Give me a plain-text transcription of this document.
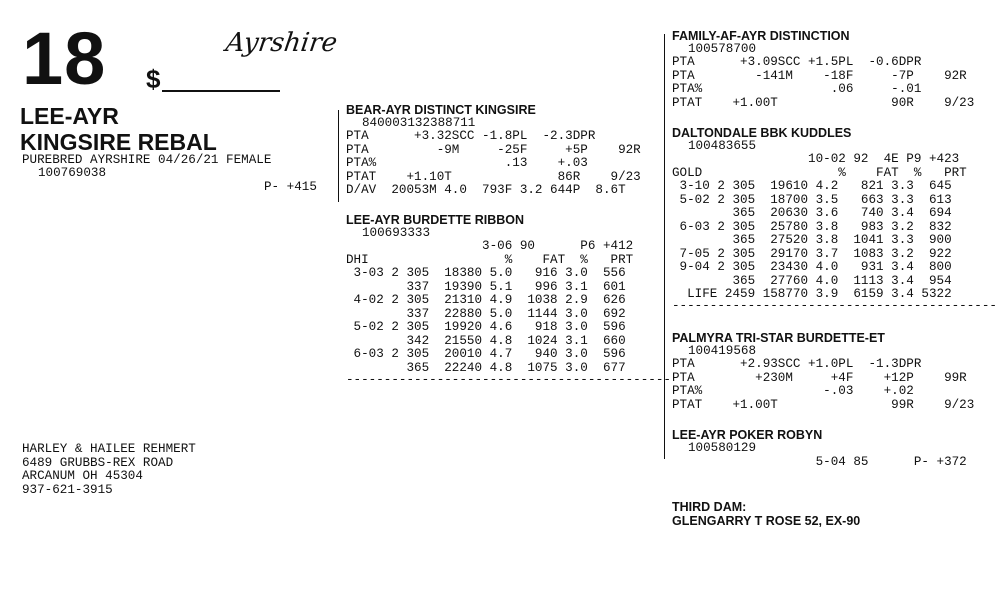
18 $
Ayrshire
LEE-AYR
KINGSIRE REBAL
PUREBRED AYRSHIRE 04/26/21 FEMALE
100769038
P- +415
HARLEY & HAILEE REHMERT
6489 GRUBBS-REX ROAD
ARCANUM OH 45304
937-621-3915
BEAR-AYR DISTINCT KINGSIRE
840003132388711
PTA      +3.32SCC -1.8PL  -2.3DPR
PTA         -9M     -25F     +5P    92R
PTA%                 .13    +.03
PTAT    +1.10T              86R    9/23
D/AV  20053M 4.0  793F 3.2 644P  8.6T
LEE-AYR BURDETTE RIBBON
100693333
3-06 90      P6 +412
DHI                  %    FAT  %   PRT
3-03 2 305  18380 5.0   916 3.0  556
337  19390 5.1   996 3.1  601
4-02 2 305  21310 4.9  1038 2.9  626
337  22880 5.0  1144 3.0  692
5-02 2 305  19920 4.6   918 3.0  596
342  21550 4.8  1024 3.1  660
6-03 2 305  20010 4.7   940 3.0  596
365  22240 4.8  1075 3.0  677
-------------------------------------------
FAMILY-AF-AYR DISTINCTION
100578700
PTA      +3.09SCC +1.5PL  -0.6DPR
PTA        -141M    -18F     -7P    92R
PTA%                 .06     -.01
PTAT    +1.00T               90R    9/23
DALTONDALE BBK KUDDLES
100483655
10-02 92  4E P9 +423
GOLD                  %    FAT  %   PRT
3-10 2 305  19610 4.2   821 3.3  645
5-02 2 305  18700 3.5   663 3.3  613
365  20630 3.6   740 3.4  694
6-03 2 305  25780 3.8   983 3.2  832
365  27520 3.8  1041 3.3  900
7-05 2 305  29170 3.7  1083 3.2  922
9-04 2 305  23430 4.0   931 3.4  800
365  27760 4.0  1113 3.4  954
LIFE 2459 158770 3.9  6159 3.4 5322
-------------------------------------------
PALMYRA TRI-STAR BURDETTE-ET
100419568
PTA      +2.93SCC +1.0PL  -1.3DPR
PTA        +230M     +4F    +12P    99R
PTA%                -.03    +.02
PTAT    +1.00T               99R    9/23
LEE-AYR POKER ROBYN
100580129
5-04 85      P- +372
THIRD DAM:
GLENGARRY T ROSE 52, EX-90
